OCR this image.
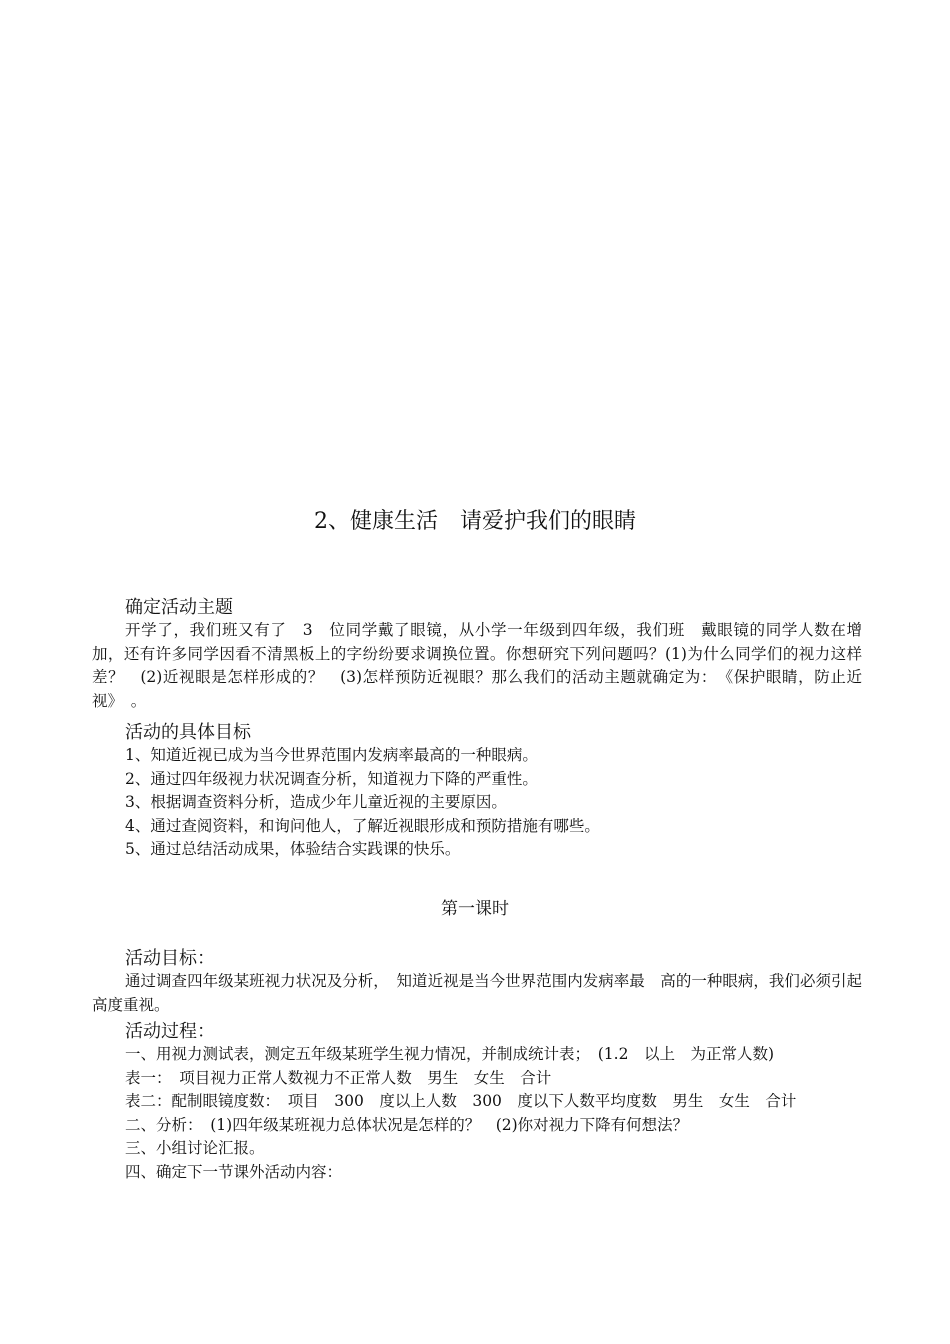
2、健康生活　请爱护我们的眼睛
确定活动主题
开学了，我们班又有了　3　位同学戴了眼镜，从小学一年级到四年级，我们班　戴眼镜的同学人数在增加，还有许多同学因看不清黑板上的字纷纷要求调换位置。你想研究下列问题吗？(1)为什么同学们的视力这样差？　(2)近视眼是怎样形成的？　(3)怎样预防近视眼？那么我们的活动主题就确定为：　《保护眼睛，防止近视》　。
活动的具体目标
1、知道近视已成为当今世界范围内发病率最高的一种眼病。
2、通过四年级视力状况调查分析，知道视力下降的严重性。
3、根据调查资料分析，造成少年儿童近视的主要原因。
4、通过查阅资料，和询问他人，了解近视眼形成和预防措施有哪些。
5、通过总结活动成果，体验结合实践课的快乐。
第一课时
活动目标：
通过调查四年级某班视力状况及分析，　知道近视是当今世界范围内发病率最　高的一种眼病，我们必须引起高度重视。
活动过程：
一、用视力测试表，测定五年级某班学生视力情况，并制成统计表；　(1.2　以上　为正常人数)
表一：　项目视力正常人数视力不正常人数　男生　女生　合计
表二：配制眼镜度数：　项目　300　度以上人数　300　度以下人数平均度数　男生　女生　合计
二、分析：　(1)四年级某班视力总体状况是怎样的？　(2)你对视力下降有何想法？
三、小组讨论汇报。
四、确定下一节课外活动内容：
